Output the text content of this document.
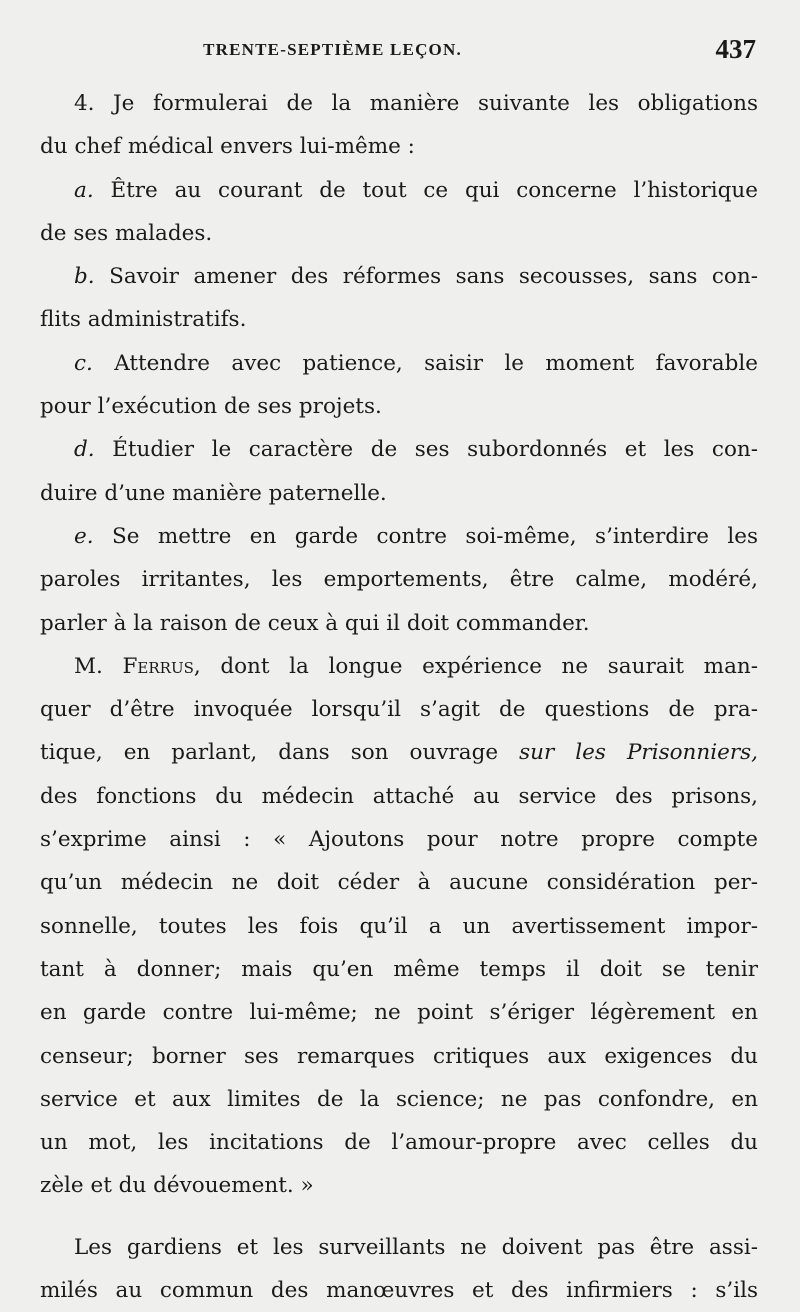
TRENTE-SEPTIÈME LEÇON.	437
4. Je formulerai de la manière suivante les obligations
du chef médical envers lui-même :
a. Être au courant de tout ce qui concerne l’historique
de ses malades.
b. Savoir amener des réformes sans secousses, sans con-
flits administratifs.
c. Attendre avec patience, saisir le moment favorable
pour l’exécution de ses projets.
d. Étudier le caractère de ses subordonnés et les con-
duire d’une manière paternelle.
e. Se mettre en garde contre soi-même, s’interdire les
paroles irritantes, les emportements, être calme, modéré,
parler à la raison de ceux à qui il doit commander.
M. Ferrus, dont la longue expérience ne saurait man-
quer d’être invoquée lorsqu’il s’agit de questions de pra-
tique, en parlant, dans son ouvrage sur les Prisonniers,
des fonctions du médecin attaché au service des prisons,
s’exprime ainsi : « Ajoutons pour notre propre compte
qu’un médecin ne doit céder à aucune considération per-
sonnelle, toutes les fois qu’il a un avertissement impor-
tant à donner; mais qu’en même temps il doit se tenir
en garde contre lui-même; ne point s’ériger légèrement en
censeur; borner ses remarques critiques aux exigences du
service et aux limites de la science; ne pas confondre, en
un mot, les incitations de l’amour-propre avec celles du
zèle et du dévouement. »
Les gardiens et les surveillants ne doivent pas être assi-
milés au commun des manœuvres et des infirmiers : s’ils
